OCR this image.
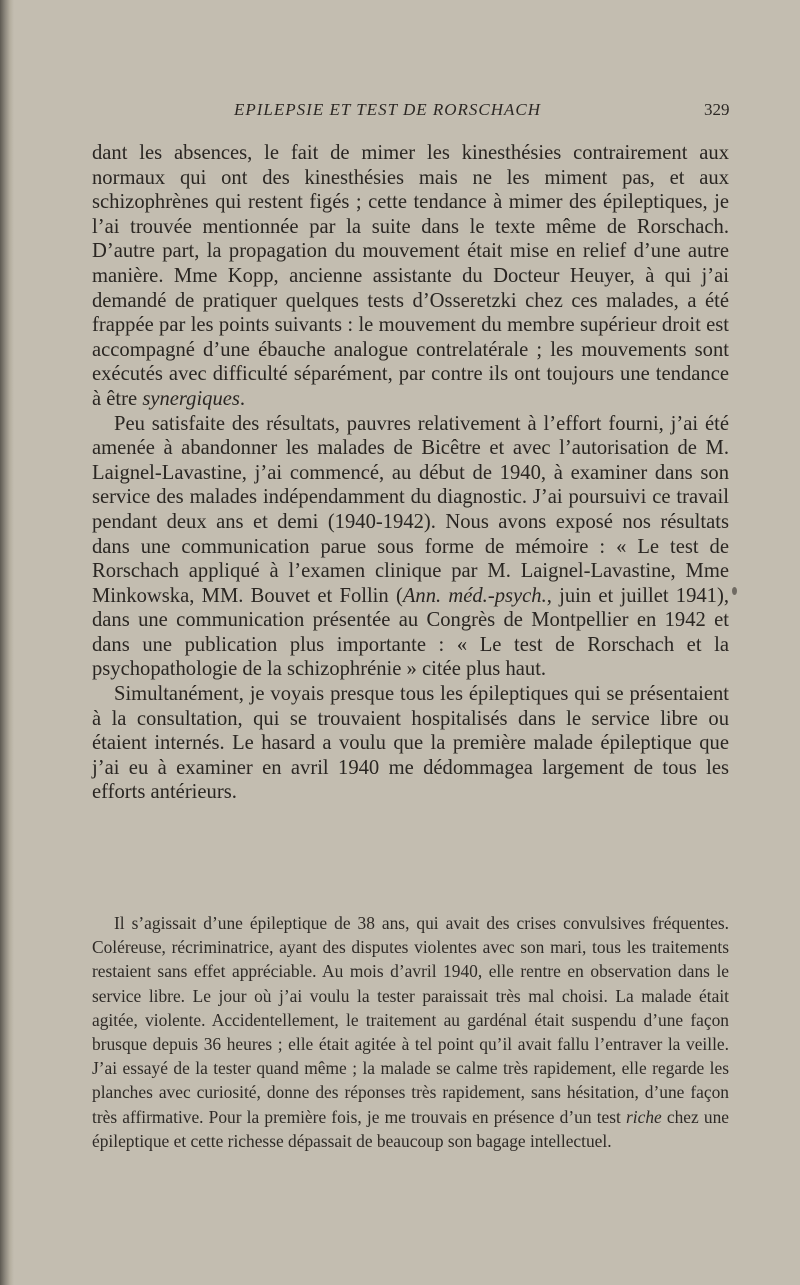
EPILEPSIE ET TEST DE RORSCHACH	329

dant les absences, le fait de mimer les kinesthésies contrairement aux normaux qui ont des kinesthésies mais ne les miment pas, et aux schizophrènes qui restent figés ; cette tendance à mimer des épileptiques, je l’ai trouvée mentionnée par la suite dans le texte même de Rorschach. D’autre part, la propagation du mouvement était mise en relief d’une autre manière. Mme Kopp, ancienne assistante du Docteur Heuyer, à qui j’ai demandé de pratiquer quelques tests d’Osseretzki chez ces malades, a été frappée par les points suivants : le mouvement du membre supérieur droit est accompagné d’une ébauche analogue contrelatérale ; les mouvements sont exécutés avec difficulté séparément, par contre ils ont toujours une tendance à être synergiques.

Peu satisfaite des résultats, pauvres relativement à l’effort fourni, j’ai été amenée à abandonner les malades de Bicêtre et avec l’autorisation de M. Laignel-Lavastine, j’ai commencé, au début de 1940, à examiner dans son service des malades indépendamment du diagnostic. J’ai poursuivi ce travail pendant deux ans et demi (1940-1942). Nous avons exposé nos résultats dans une communication parue sous forme de mémoire : « Le test de Rorschach appliqué à l’examen clinique par M. Laignel-Lavastine, Mme Minkowska, MM. Bouvet et Follin (Ann. méd.-psych., juin et juillet 1941), dans une communication présentée au Congrès de Montpellier en 1942 et dans une publication plus importante : « Le test de Rorschach et la psychopathologie de la schizophrénie » citée plus haut.

Simultanément, je voyais presque tous les épileptiques qui se présentaient à la consultation, qui se trouvaient hospitalisés dans le service libre ou étaient internés. Le hasard a voulu que la première malade épileptique que j’ai eu à examiner en avril 1940 me dédommagea largement de tous les efforts antérieurs.

Il s’agissait d’une épileptique de 38 ans, qui avait des crises convulsives fréquentes. Coléreuse, récriminatrice, ayant des disputes violentes avec son mari, tous les traitements restaient sans effet appréciable. Au mois d’avril 1940, elle rentre en observation dans le service libre. Le jour où j’ai voulu la tester paraissait très mal choisi. La malade était agitée, violente. Accidentellement, le traitement au gardénal était suspendu d’une façon brusque depuis 36 heures ; elle était agitée à tel point qu’il avait fallu l’entraver la veille. J’ai essayé de la tester quand même ; la malade se calme très rapidement, elle regarde les planches avec curiosité, donne des réponses très rapidement, sans hésitation, d’une façon très affirmative. Pour la première fois, je me trouvais en présence d’un test riche chez une épileptique et cette richesse dépassait de beaucoup son bagage intellectuel.
